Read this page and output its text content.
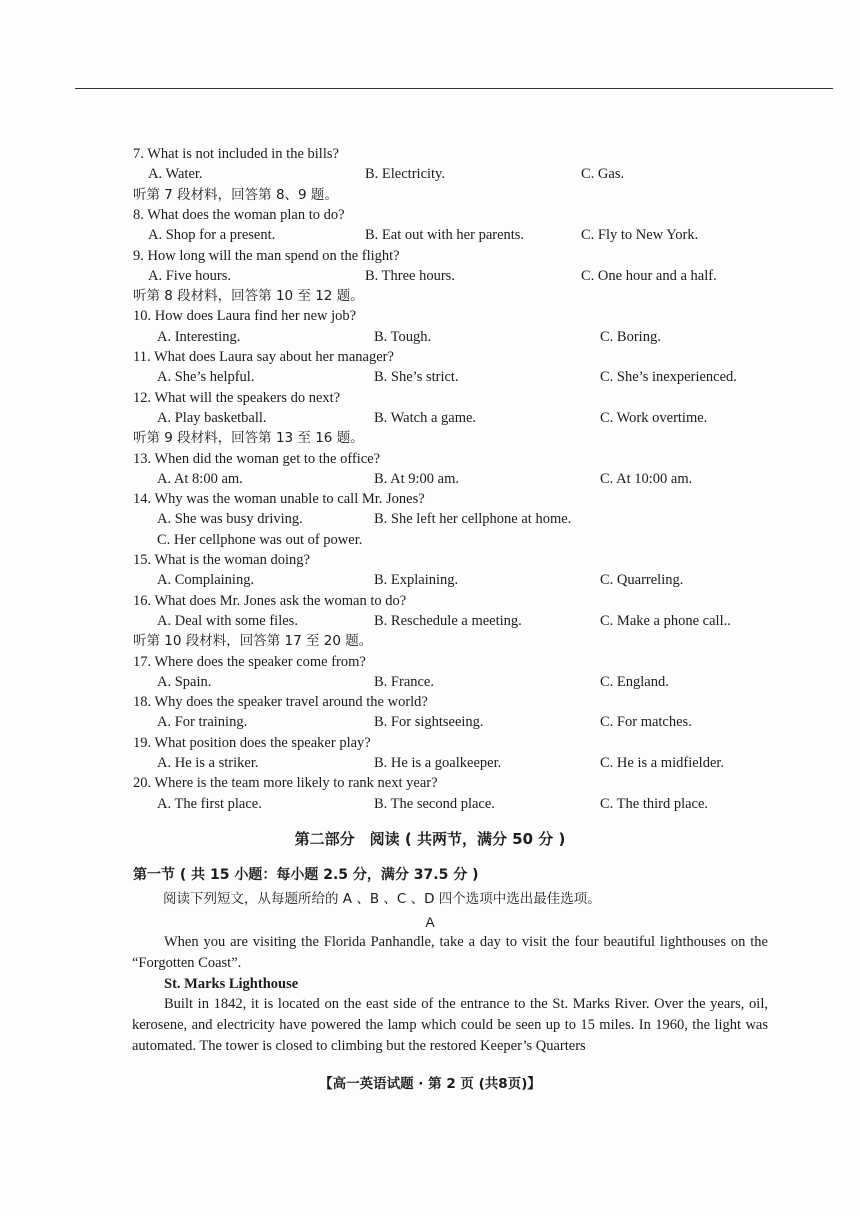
7. What is not included in the bills?
A. Water.	B. Electricity.	C. Gas.
听第 7 段材料，回答第 8、9 题。
8. What does the woman plan to do?
A. Shop for a present.	B. Eat out with her parents.	C. Fly to New York.
9. How long will the man spend on the flight?
A. Five hours.	B. Three hours.	C. One hour and a half.
听第 8 段材料，回答第 10 至 12 题。
10. How does Laura find her new job?
A. Interesting.	B. Tough.	C. Boring.
11. What does Laura say about her manager?
A. She’s helpful.	B. She’s strict.	C. She’s inexperienced.
12. What will the speakers do next?
A. Play basketball.	B. Watch a game.	C. Work overtime.
听第 9 段材料，回答第 13 至 16 题。
13. When did the woman get to the office?
A. At 8:00 am.	B. At 9:00 am.	C. At 10:00 am.
14. Why was the woman unable to call Mr. Jones?
A. She was busy driving.	B. She left her cellphone at home.
C. Her cellphone was out of power.
15. What is the woman doing?
A. Complaining.	B. Explaining.	C. Quarreling.
16. What does Mr. Jones ask the woman to do?
A. Deal with some files.	B. Reschedule a meeting.	C. Make a phone call..
听第 10 段材料，回答第 17 至 20 题。
17. Where does the speaker come from?
A. Spain.	B. France.	C. England.
18. Why does the speaker travel around the world?
A. For training.	B. For sightseeing.	C. For matches.
19. What position does the speaker play?
A. He is a striker.	B. He is a goalkeeper.	C. He is a midfielder.
20. Where is the team more likely to rank next year?
A. The first place.	B. The second place.	C. The third place.
第二部分　阅读 ( 共两节，满分 50 分 )
第一节 ( 共 15 小题：每小题 2.5 分，满分 37.5 分 )
阅读下列短文，从每题所给的 A 、B 、C 、D 四个选项中选出最佳选项。
A
When you are visiting the Florida Panhandle, take a day to visit the four beautiful lighthouses on the “Forgotten Coast”.
St. Marks Lighthouse
Built in 1842, it is located on the east side of the entrance to the St. Marks River. Over the years, oil, kerosene, and electricity have powered the lamp which could be seen up to 15 miles. In 1960, the light was automated. The tower is closed to climbing but the restored Keeper’s Quarters
【高一英语试题 · 第 2 页 (共8页)】
